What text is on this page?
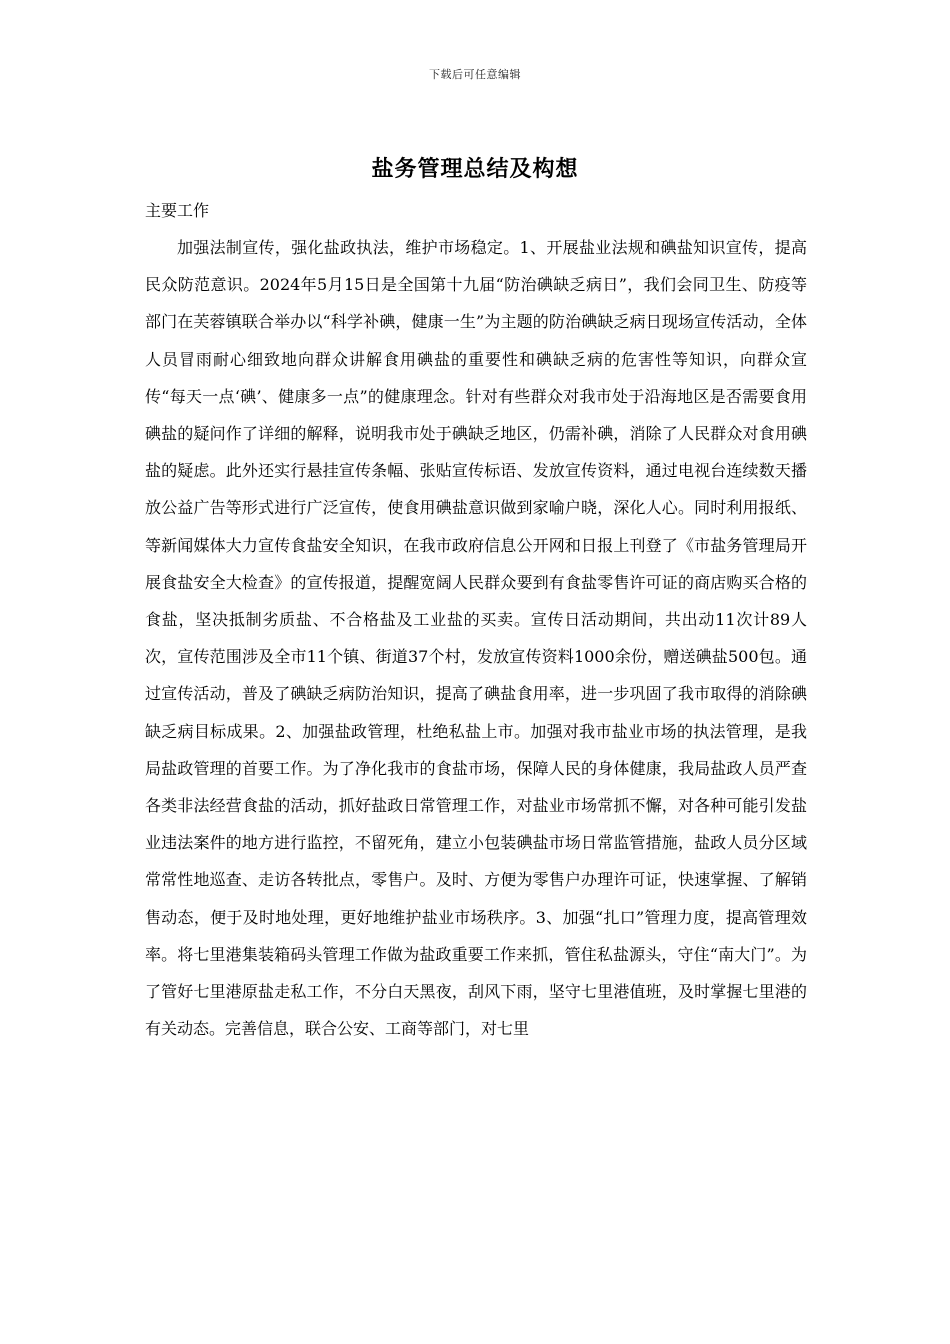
下载后可任意编辑
盐务管理总结及构想
主要工作

加强法制宣传，强化盐政执法，维护市场稳定。1、开展盐业法规和碘盐知识宣传，提高民众防范意识。2024年5月15日是全国第十九届“防治碘缺乏病日”，我们会同卫生、防疫等部门在芙蓉镇联合举办以“科学补碘，健康一生”为主题的防治碘缺乏病日现场宣传活动，全体人员冒雨耐心细致地向群众讲解食用碘盐的重要性和碘缺乏病的危害性等知识，向群众宣传“每天一点‘碘’、健康多一点”的健康理念。针对有些群众对我市处于沿海地区是否需要食用碘盐的疑问作了详细的解释，说明我市处于碘缺乏地区，仍需补碘，消除了人民群众对食用碘盐的疑虑。此外还实行悬挂宣传条幅、张贴宣传标语、发放宣传资料，通过电视台连续数天播放公益广告等形式进行广泛宣传，使食用碘盐意识做到家喻户晓，深化人心。同时利用报纸、等新闻媒体大力宣传食盐安全知识，在我市政府信息公开网和日报上刊登了《市盐务管理局开展食盐安全大检查》的宣传报道，提醒宽阔人民群众要到有食盐零售许可证的商店购买合格的食盐，坚决抵制劣质盐、不合格盐及工业盐的买卖。宣传日活动期间，共出动11次计89人次，宣传范围涉及全市11个镇、街道37个村，发放宣传资料1000余份，赠送碘盐500包。通过宣传活动，普及了碘缺乏病防治知识，提高了碘盐食用率，进一步巩固了我市取得的消除碘缺乏病目标成果。2、加强盐政管理，杜绝私盐上市。加强对我市盐业市场的执法管理，是我局盐政管理的首要工作。为了净化我市的食盐市场，保障人民的身体健康，我局盐政人员严查各类非法经营食盐的活动，抓好盐政日常管理工作，对盐业市场常抓不懈，对各种可能引发盐业违法案件的地方进行监控，不留死角，建立小包装碘盐市场日常监管措施，盐政人员分区域常常性地巡查、走访各转批点，零售户。及时、方便为零售户办理许可证，快速掌握、了解销售动态，便于及时地处理，更好地维护盐业市场秩序。3、加强“扎口”管理力度，提高管理效率。将七里港集装箱码头管理工作做为盐政重要工作来抓，管住私盐源头，守住“南大门”。为了管好七里港原盐走私工作，不分白天黑夜，刮风下雨，坚守七里港值班，及时掌握七里港的有关动态。完善信息，联合公安、工商等部门，对七里
